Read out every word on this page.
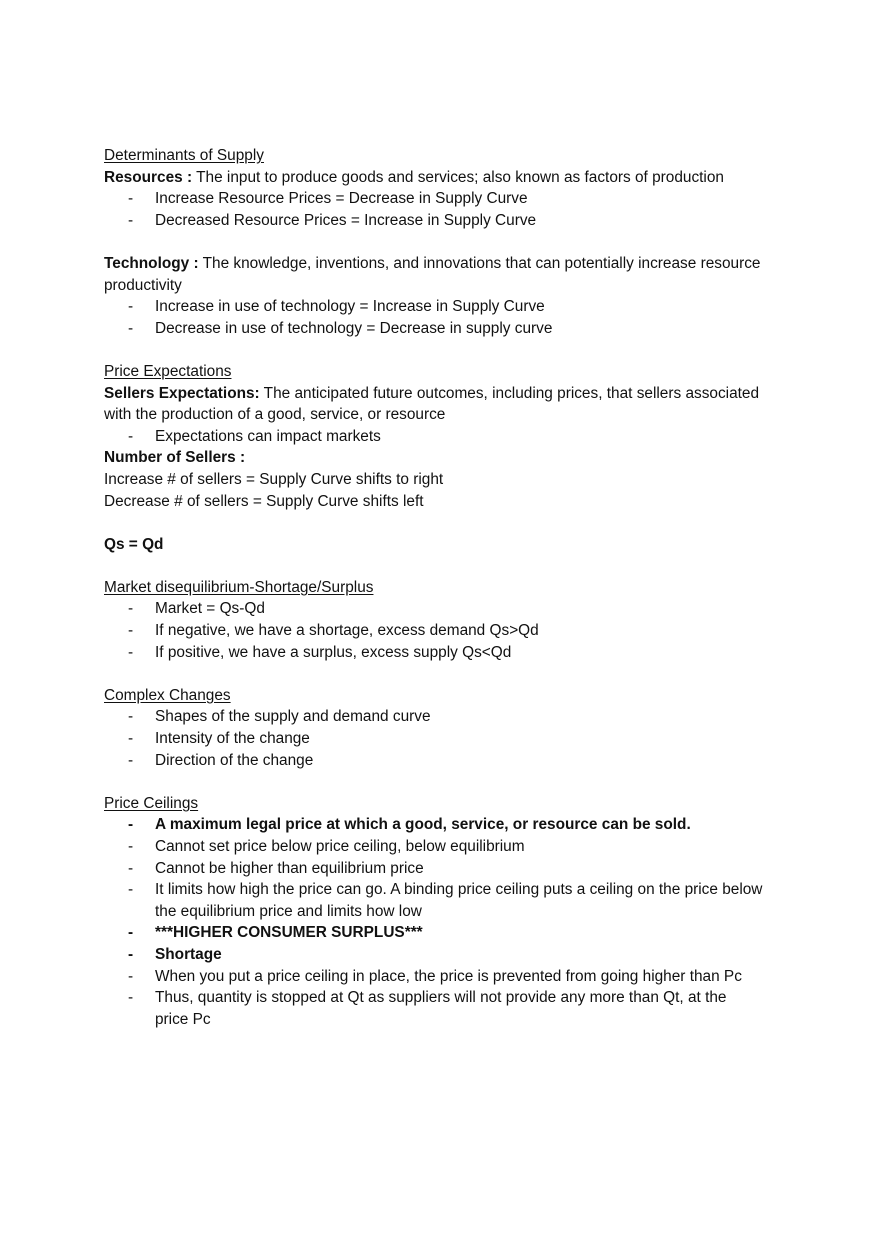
Determinants of Supply
Resources : The input to produce goods and services; also known as factors of production
- Increase Resource Prices = Decrease in Supply Curve
- Decreased Resource Prices = Increase in Supply Curve
Technology : The knowledge, inventions, and innovations that can potentially increase resource productivity
- Increase in use of technology = Increase in Supply Curve
- Decrease in use of technology = Decrease in supply curve
Price Expectations
Sellers Expectations: The anticipated future outcomes, including prices, that sellers associated with the production of a good, service, or resource
- Expectations can impact markets
Number of Sellers :
Increase # of sellers = Supply Curve shifts to right
Decrease # of sellers = Supply Curve shifts left
Qs = Qd
Market disequilibrium-Shortage/Surplus
- Market = Qs-Qd
- If negative, we have a shortage, excess demand Qs>Qd
- If positive, we have a surplus, excess supply Qs<Qd
Complex Changes
- Shapes of the supply and demand curve
- Intensity of the change
- Direction of the change
Price Ceilings
- A maximum legal price at which a good, service, or resource can be sold.
- Cannot set price below price ceiling, below equilibrium
- Cannot be higher than equilibrium price
- It limits how high the price can go. A binding price ceiling puts a ceiling on the price below the equilibrium price and limits how low
- ***HIGHER CONSUMER SURPLUS***
- Shortage
- When you put a price ceiling in place, the price is prevented from going higher than Pc
- Thus, quantity is stopped at Qt as suppliers will not provide any more than Qt, at the price Pc
